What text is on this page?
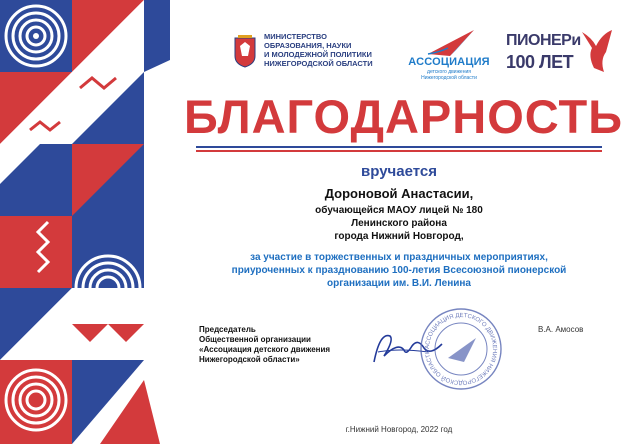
МИНИСТЕРСТВО
ОБРАЗОВАНИЯ, НАУКИ
И МОЛОДЕЖНОЙ ПОЛИТИКИ
НИЖЕГОРОДСКОЙ ОБЛАСТИ	АССОЦИАЦИЯ
детского движения
Нижегородской области
ПИОНЕРи
100 ЛЕТ
БЛАГОДАРНОСТЬ
вручается
Дороновой Анастасии,
обучающейся МАОУ лицей № 180
Ленинского района
города Нижний Новгород,
за участие в торжественных и праздничных мероприятиях,
приуроченных к празднованию 100-летия Всесоюзной пионерской
организации им. В.И. Ленина
Председатель
Общественной организации
«Ассоциация детского движения
Нижегородской области»
АССОЦИАЦИЯ ДЕТСКОГО ДВИЖЕНИЯ НИЖЕГОРОДСКОЙ ОБЛАСТИ
В.А. Амосов
г.Нижний Новгород, 2022 год
